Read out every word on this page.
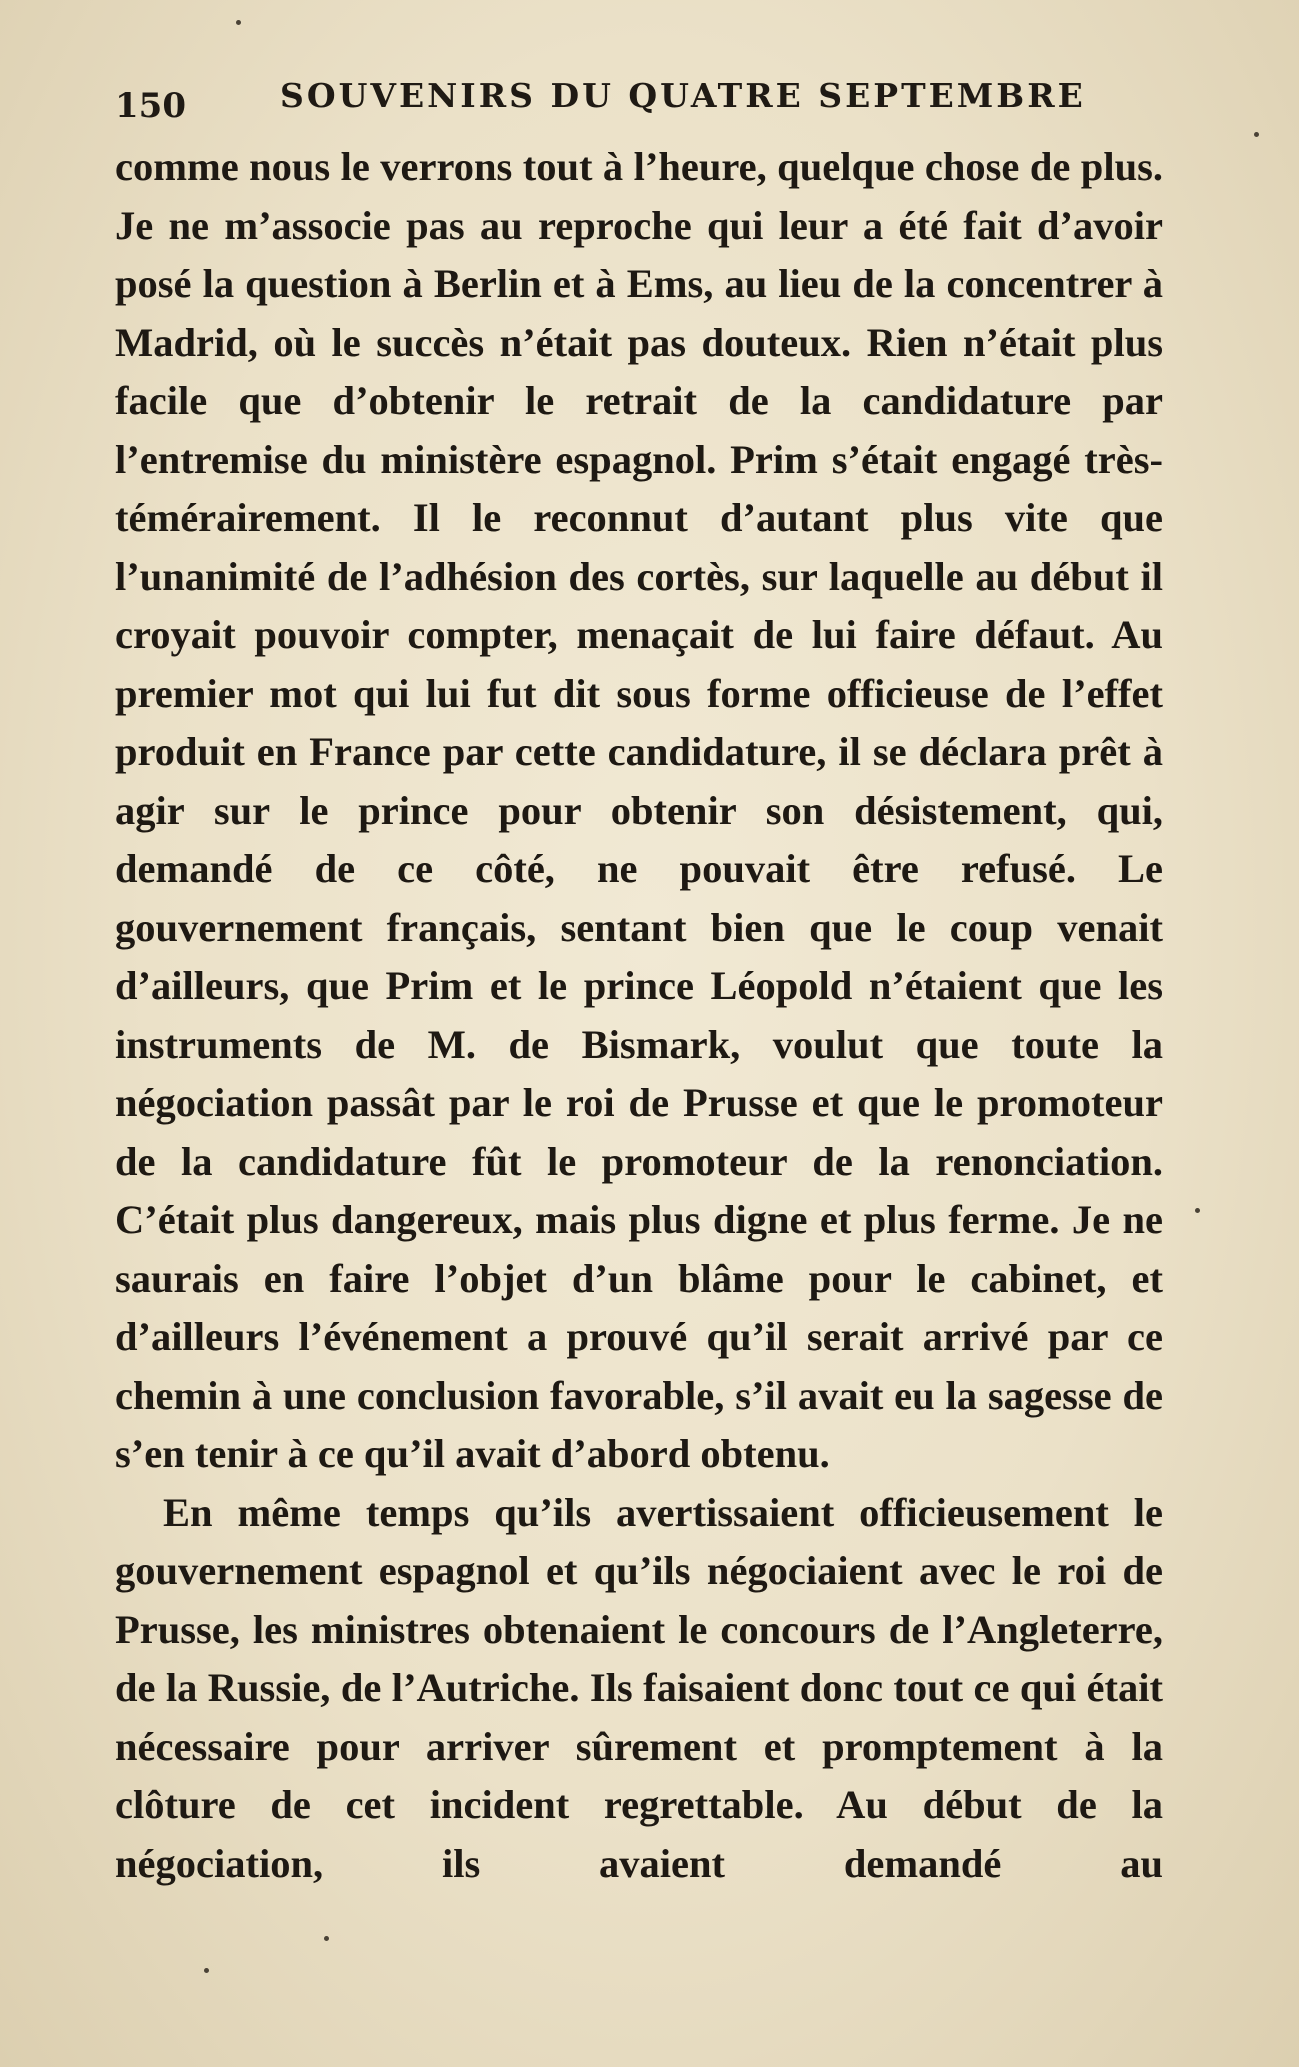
150	SOUVENIRS DU QUATRE SEPTEMBRE

comme nous le verrons tout à l’heure, quelque chose de plus. Je ne m’associe pas au reproche qui leur a été fait d’avoir posé la question à Berlin et à Ems, au lieu de la concentrer à Madrid, où le succès n’était pas douteux. Rien n’était plus facile que d’obtenir le retrait de la candidature par l’entremise du ministère espagnol. Prim s’était engagé très-témérairement. Il le reconnut d’autant plus vite que l’unanimité de l’adhésion des cortès, sur laquelle au début il croyait pouvoir compter, menaçait de lui faire défaut. Au premier mot qui lui fut dit sous forme officieuse de l’effet produit en France par cette candidature, il se déclara prêt à agir sur le prince pour obtenir son désistement, qui, demandé de ce côté, ne pouvait être refusé. Le gouvernement français, sentant bien que le coup venait d’ailleurs, que Prim et le prince Léopold n’étaient que les instruments de M. de Bismark, voulut que toute la négociation passât par le roi de Prusse et que le promoteur de la candidature fût le promoteur de la renonciation. C’était plus dangereux, mais plus digne et plus ferme. Je ne saurais en faire l’objet d’un blâme pour le cabinet, et d’ailleurs l’événement a prouvé qu’il serait arrivé par ce chemin à une conclusion favorable, s’il avait eu la sagesse de s’en tenir à ce qu’il avait d’abord obtenu.

En même temps qu’ils avertissaient officieusement le gouvernement espagnol et qu’ils négociaient avec le roi de Prusse, les ministres obtenaient le concours de l’Angleterre, de la Russie, de l’Autriche. Ils faisaient donc tout ce qui était nécessaire pour arriver sûrement et promptement à la clôture de cet incident regrettable. Au début de la négociation, ils avaient demandé au
